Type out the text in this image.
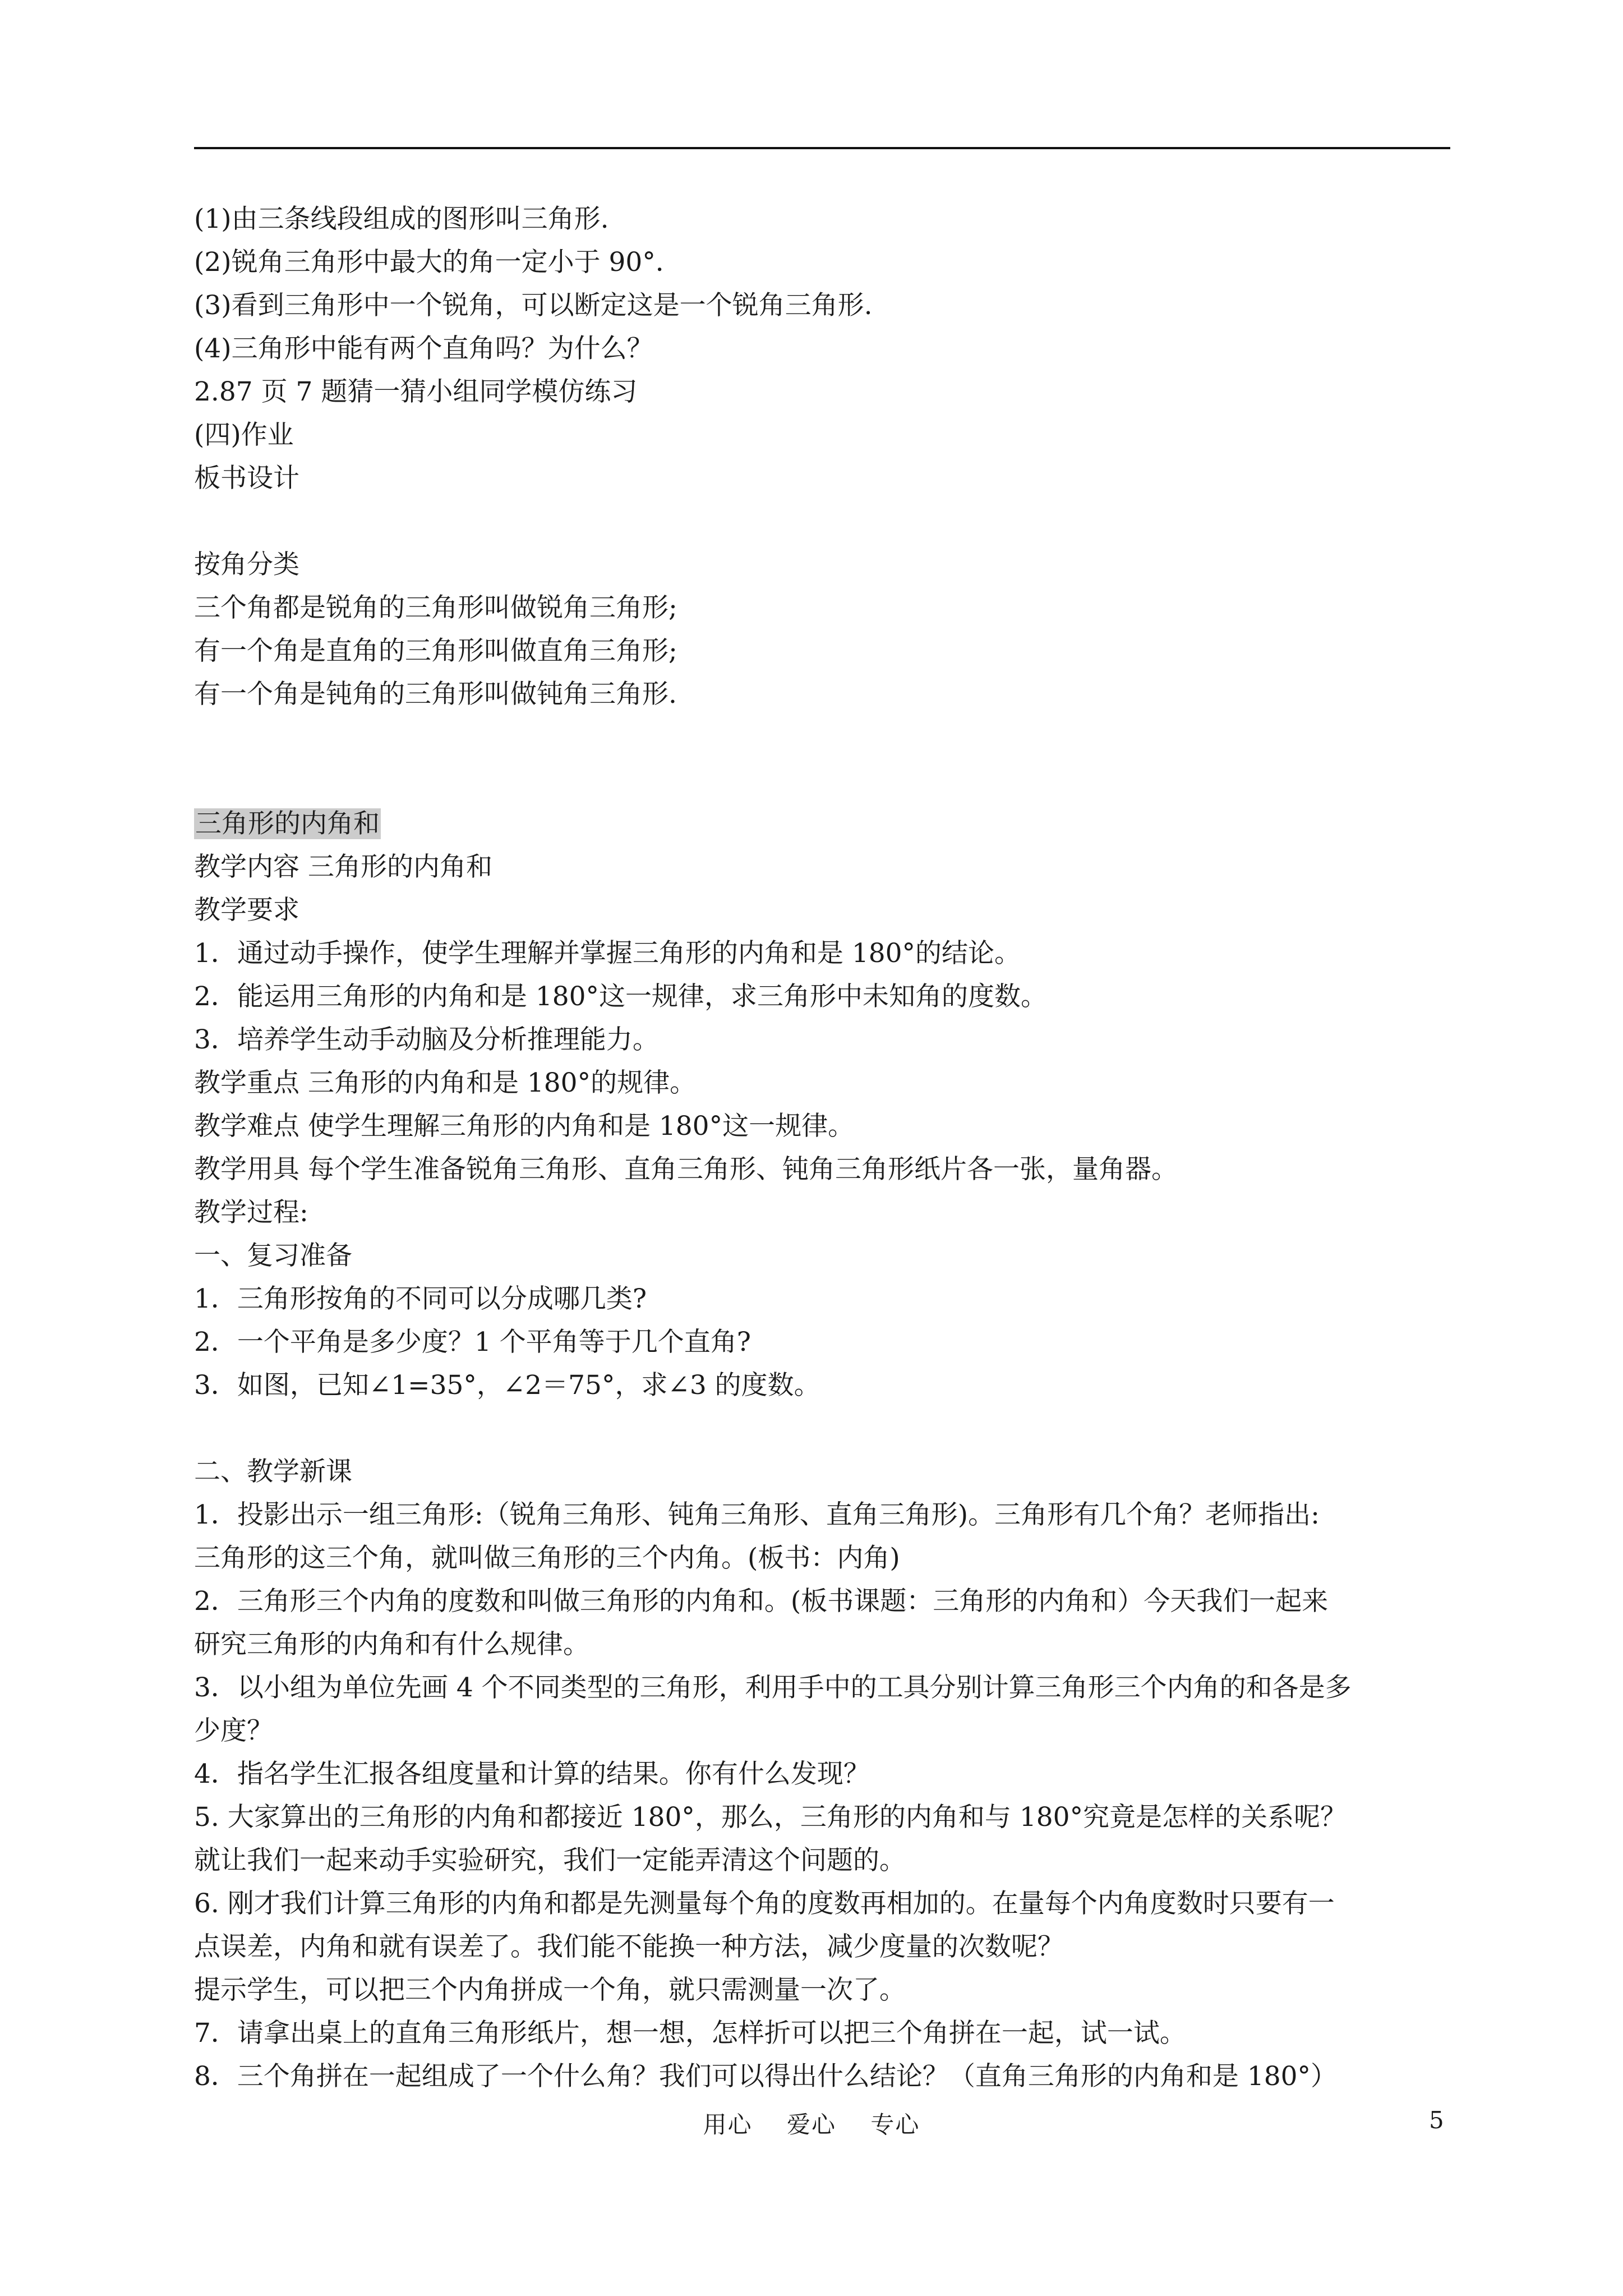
(1)由三条线段组成的图形叫三角形.
(2)锐角三角形中最大的角一定小于 90°．
(3)看到三角形中一个锐角，可以断定这是一个锐角三角形.
(4)三角形中能有两个直角吗？为什么？
2.87 页 7 题猜一猜小组同学模仿练习
(四)作业
板书设计
按角分类
三个角都是锐角的三角形叫做锐角三角形;
有一个角是直角的三角形叫做直角三角形;
有一个角是钝角的三角形叫做钝角三角形.
三角形的内角和
教学内容 三角形的内角和
教学要求
1．通过动手操作，使学生理解并掌握三角形的内角和是 180°的结论。
2．能运用三角形的内角和是 180°这一规律，求三角形中未知角的度数。
3．培养学生动手动脑及分析推理能力。
教学重点 三角形的内角和是 180°的规律。
教学难点 使学生理解三角形的内角和是 180°这一规律。
教学用具 每个学生准备锐角三角形、直角三角形、钝角三角形纸片各一张，量角器。
教学过程:
一、复习准备
1．三角形按角的不同可以分成哪几类?
2．一个平角是多少度？1 个平角等于几个直角?
3．如图，已知∠1=35°，∠2＝75°，求∠3 的度数。
二、教学新课
1．投影出示一组三角形:（锐角三角形、钝角三角形、直角三角形)。三角形有几个角？老师指出:
三角形的这三个角，就叫做三角形的三个内角。(板书：内角)
2．三角形三个内角的度数和叫做三角形的内角和。(板书课题：三角形的内角和）今天我们一起来
研究三角形的内角和有什么规律。
3．以小组为单位先画 4 个不同类型的三角形，利用手中的工具分别计算三角形三个内角的和各是多
少度？
4．指名学生汇报各组度量和计算的结果。你有什么发现？
5. 大家算出的三角形的内角和都接近 180°，那么，三角形的内角和与 180°究竟是怎样的关系呢？
就让我们一起来动手实验研究，我们一定能弄清这个问题的。
6. 刚才我们计算三角形的内角和都是先测量每个角的度数再相加的。在量每个内角度数时只要有一
点误差，内角和就有误差了。我们能不能换一种方法，减少度量的次数呢？
提示学生，可以把三个内角拼成一个角，就只需测量一次了。
7．请拿出桌上的直角三角形纸片，想一想，怎样折可以把三个角拼在一起，试一试。
8．三个角拼在一起组成了一个什么角？我们可以得出什么结论？（直角三角形的内角和是 180°）
用心    爱心    专心	5
